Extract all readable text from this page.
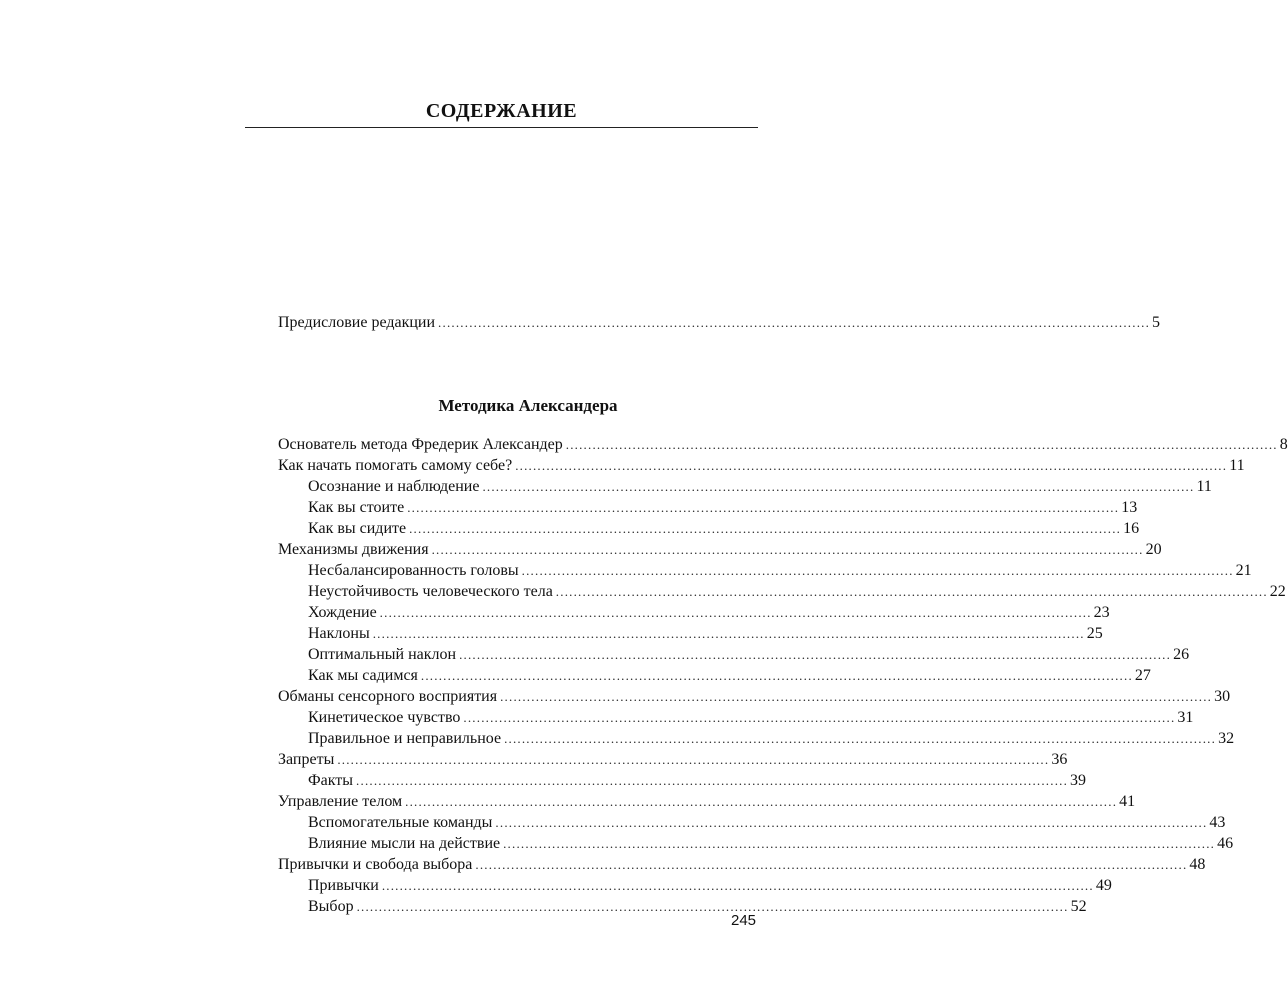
СОДЕРЖАНИЕ
Предисловие редакции ................................................................................................................................................................ 5
Методика Александера
Основатель метода Фредерик Александер ................................................................................................................................................................ 8
Как начать помогать самому себе? ................................................................................................................................................................ 11
Осознание и наблюдение ................................................................................................................................................................ 11
Как вы стоите ................................................................................................................................................................ 13
Как вы сидите ................................................................................................................................................................ 16
Механизмы движения ................................................................................................................................................................ 20
Несбалансированность головы ................................................................................................................................................................ 21
Неустойчивость человеческого тела ................................................................................................................................................................ 22
Хождение ................................................................................................................................................................ 23
Наклоны ................................................................................................................................................................ 25
Оптимальный наклон ................................................................................................................................................................ 26
Как мы садимся ................................................................................................................................................................ 27
Обманы сенсорного восприятия ................................................................................................................................................................ 30
Кинетическое чувство ................................................................................................................................................................ 31
Правильное и неправильное ................................................................................................................................................................ 32
Запреты ................................................................................................................................................................ 36
Факты ................................................................................................................................................................ 39
Управление телом ................................................................................................................................................................ 41
Вспомогательные команды ................................................................................................................................................................ 43
Влияние мысли на действие ................................................................................................................................................................ 46
Привычки и свобода выбора ................................................................................................................................................................ 48
Привычки ................................................................................................................................................................ 49
Выбор ................................................................................................................................................................ 52
245
